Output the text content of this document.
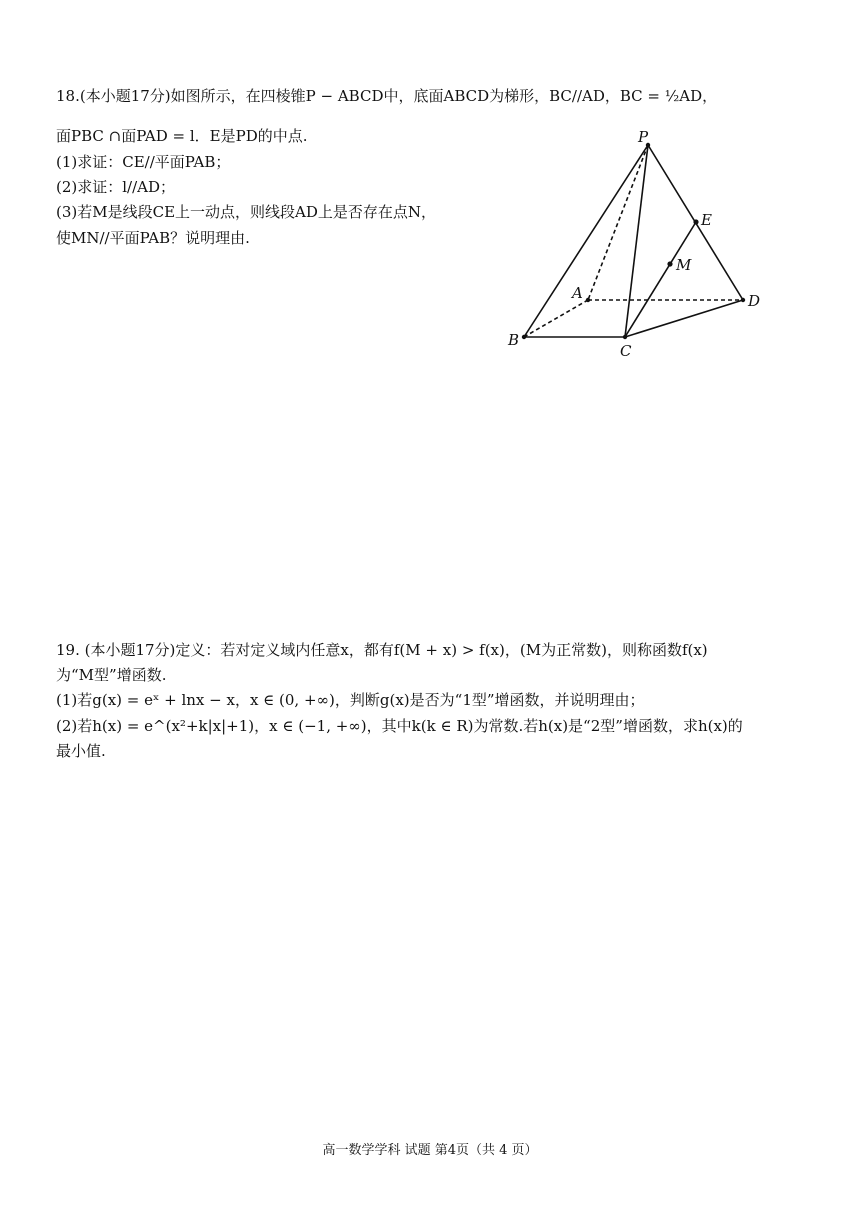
18.(本小题17分)如图所示，在四棱锥P − ABCD中，底面ABCD为梯形，BC//AD，BC = ½AD，
面PBC ∩面PAD = l．E是PD的中点.
(1)求证：CE//平面PAB；
(2)求证：l//AD；
(3)若M是线段CE上一动点，则线段AD上是否存在点N，
使MN//平面PAB？说明理由.
P
A
B
C
D
E
M
19. (本小题17分)定义：若对定义域内任意x，都有f(M + x) > f(x)，(M为正常数)，则称函数f(x)
为“M型”增函数.
(1)若g(x) = eˣ + lnx − x，x ∈ (0, +∞)，判断g(x)是否为“1型”增函数，并说明理由；
(2)若h(x) = e^(x²+k|x|+1)，x ∈ (−1, +∞)，其中k(k ∈ R)为常数.若h(x)是“2型”增函数，求h(x)的
最小值.
高一数学学科 试题 第4页（共 4 页）
